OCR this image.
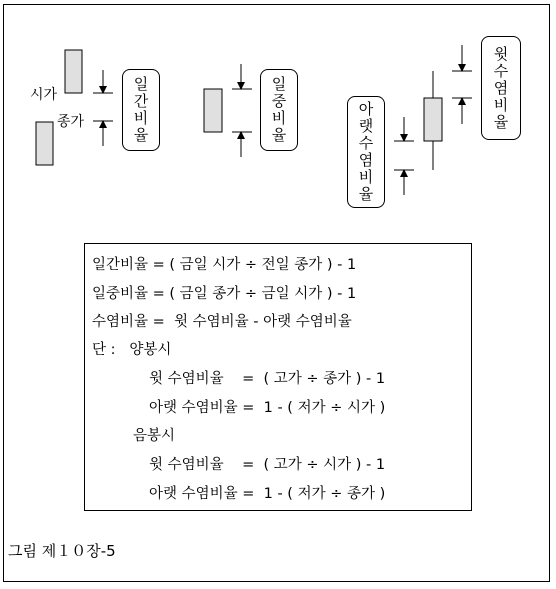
시가
종가
일
간
비
율
일
중
비
율
아
랫
수
염
비
율
윗
수
염
비
율
일간비율 = ( 금일 시가 ÷ 전일 종가 ) - 1
일중비율 = ( 금일 종가 ÷ 금일 시가 ) - 1
수염비율 =  윗 수염비율 - 아랫 수염비율
단 :   양봉시
윗 수염비율    =  ( 고가 ÷ 종가 ) - 1
아랫 수염비율 =  1 - ( 저가 ÷ 시가 )
음봉시
윗 수염비율    =  ( 고가 ÷ 시가 ) - 1
아랫 수염비율 =  1 - ( 저가 ÷ 종가 )
그림 제１０장-5
